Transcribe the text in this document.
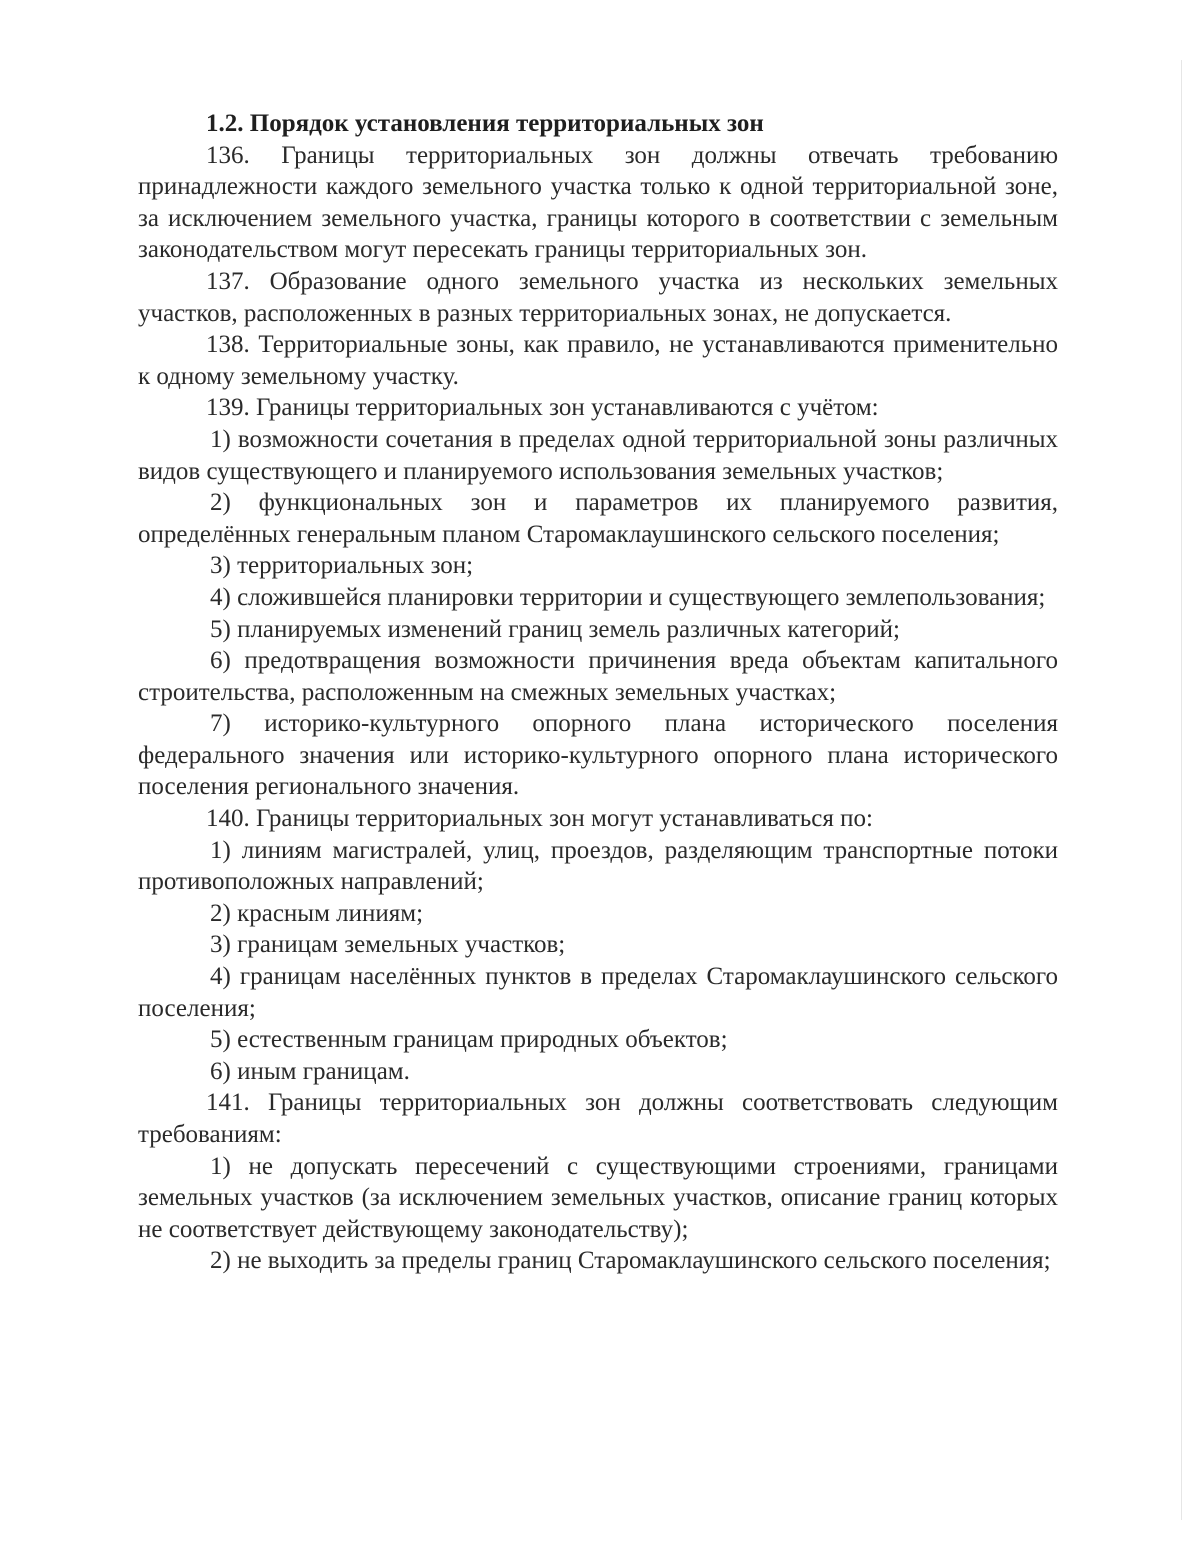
1.2. Порядок установления территориальных зон

136. Границы территориальных зон должны отвечать требованию принадлежности каждого земельного участка только к одной территориальной зоне, за исключением земельного участка, границы которого в соответствии с земельным законодательством могут пересекать границы территориальных зон.

137. Образование одного земельного участка из нескольких земельных участков, расположенных в разных территориальных зонах, не допускается.

138. Территориальные зоны, как правило, не устанавливаются применительно к одному земельному участку.

139. Границы территориальных зон устанавливаются с учётом:

1) возможности сочетания в пределах одной территориальной зоны различных видов существующего и планируемого использования земельных участков;

2) функциональных зон и параметров их планируемого развития, определённых генеральным планом Старомаклаушинского сельского поселения;

3) территориальных зон;

4) сложившейся планировки территории и существующего землепользования;

5) планируемых изменений границ земель различных категорий;

6) предотвращения возможности причинения вреда объектам капитального строительства, расположенным на смежных земельных участках;

7) историко-культурного опорного плана исторического поселения федерального значения или историко-культурного опорного плана исторического поселения регионального значения.

140. Границы территориальных зон могут устанавливаться по:

1) линиям магистралей, улиц, проездов, разделяющим транспортные потоки противоположных направлений;

2) красным линиям;

3) границам земельных участков;

4) границам населённых пунктов в пределах Старомаклаушинского сельского поселения;

5) естественным границам природных объектов;

6) иным границам.

141. Границы территориальных зон должны соответствовать следующим требованиям:

1) не допускать пересечений с существующими строениями, границами земельных участков (за исключением земельных участков, описание границ которых не соответствует действующему законодательству);

2) не выходить за пределы границ Старомаклаушинского сельского поселения;
